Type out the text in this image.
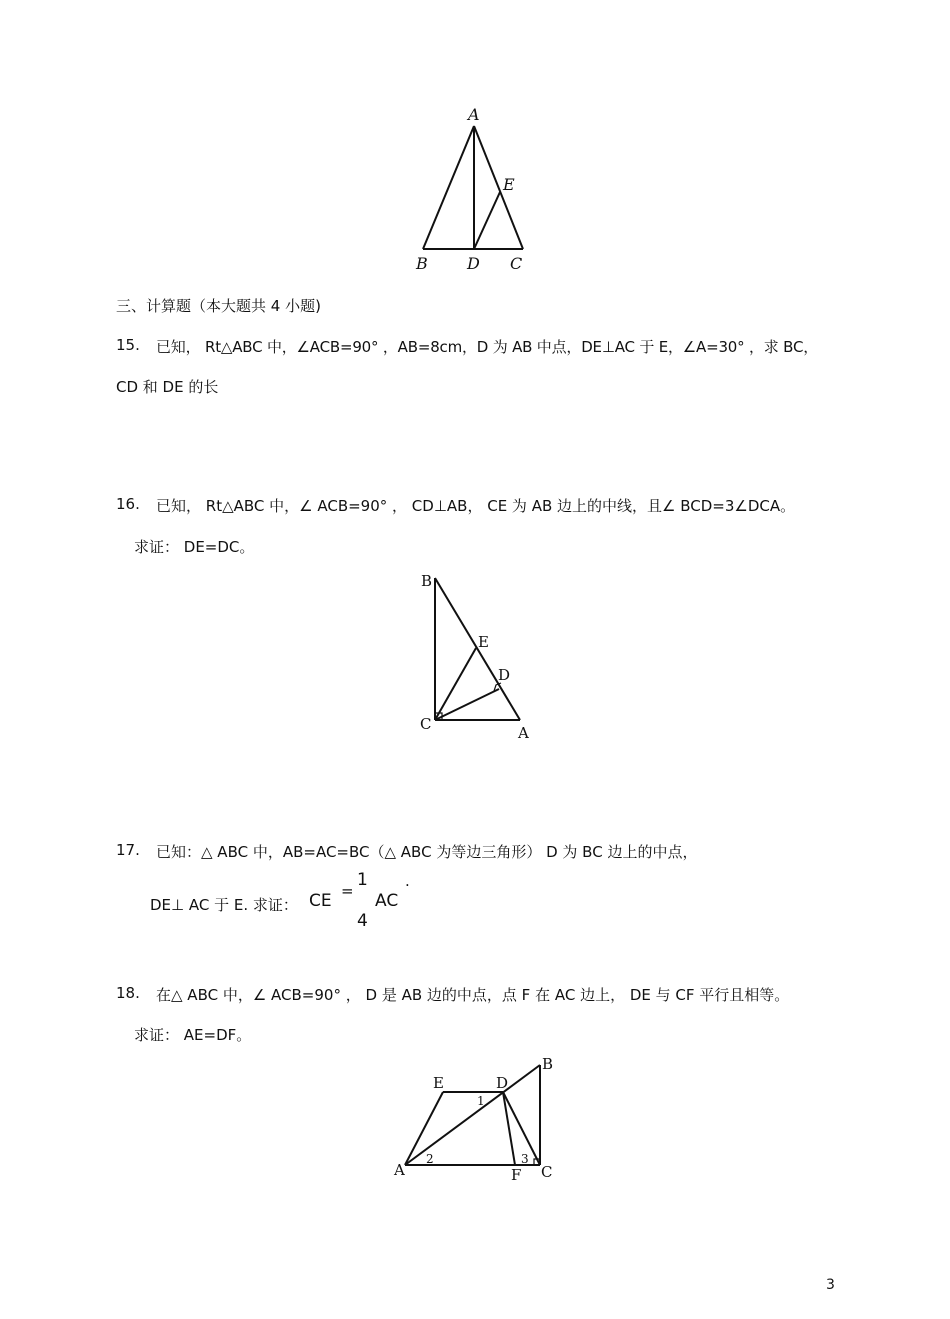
A
E
B D C
三、计算题（本大题共 4 小题)
15. 已知， Rt△ABC 中，∠ACB=90° ，AB=8cm，D 为 AB 中点，DE⊥AC 于 E，∠A=30° ，求 BC，
CD 和 DE 的长
16. 已知， Rt△ABC 中，∠ ACB=90° ， CD⊥AB， CE 为 AB 边上的中线，且∠ BCD=3∠DCA。
求证： DE=DC。
B
E
D
C	A
17. 已知：△ ABC 中，AB=AC=BC（△ ABC 为等边三角形） D 为 BC 边上的中点，
DE⊥ AC 于 E. 求证： CE =
1
4
AC
.
18. 在△ ABC 中，∠ ACB=90° ， D 是 AB 边的中点，点 F 在 AC 边上， DE 与 CF 平行且相等。
求证： AE=DF。
E	D
B
1
2	3
A	F C
3
